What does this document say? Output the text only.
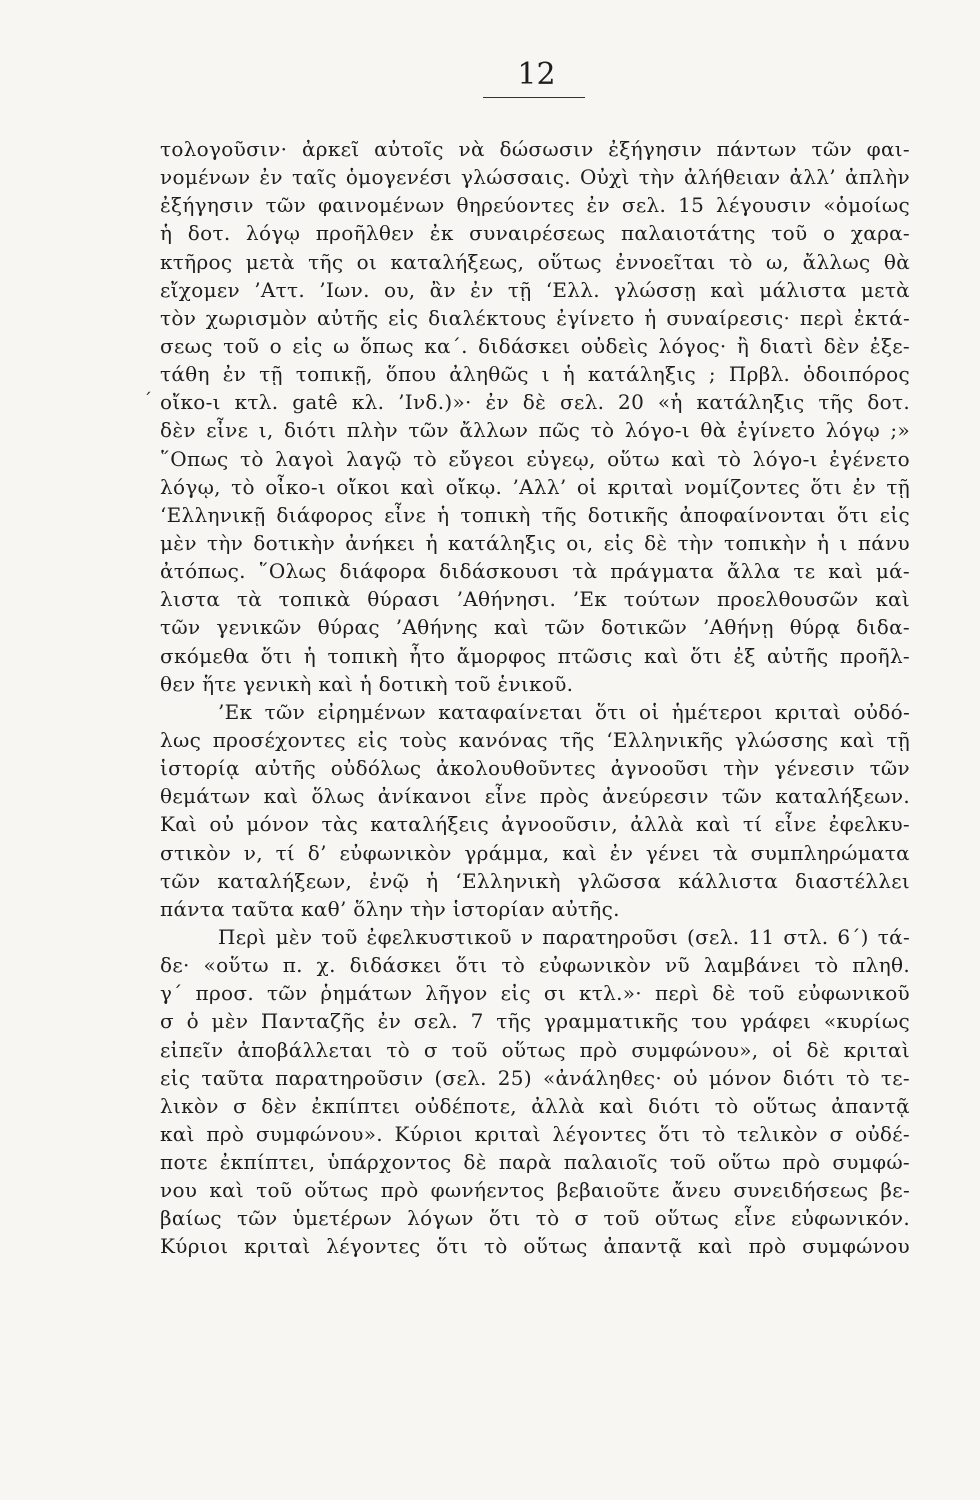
12
´
τολογοῦσιν· ἀρκεῖ αὐτοῖς νὰ δώσωσιν ἐξήγησιν πάντων τῶν φαι-
νομένων ἐν ταῖς ὁμογενέσι γλώσσαις. Οὐχὶ τὴν ἀλήθειαν ἀλλ’ ἀπλὴν
ἐξήγησιν τῶν φαινομένων θηρεύοντες ἐν σελ. 15 λέγουσιν «ὁμοίως
ἡ δοτ. λόγῳ προῆλθεν ἐκ συναιρέσεως παλαιοτάτης τοῦ ο χαρα-
κτῆρος μετὰ τῆς οι καταλήξεως, οὕτως ἐννοεῖται τὸ ω, ἄλλως θὰ
εἴχομεν ’Αττ. ’Ιων. ου, ἂν ἐν τῇ ‘Ελλ. γλώσσῃ καὶ μάλιστα μετὰ
τὸν χωρισμὸν αὐτῆς εἰς διαλέκτους ἐγίνετο ἡ συναίρεσις· περὶ ἐκτά-
σεως τοῦ ο εἰς ω ὅπως κα΄. διδάσκει οὐδεὶς λόγος· ἢ διατὶ δὲν ἐξε-
τάθη ἐν τῇ τοπικῇ, ὅπου ἀληθῶς ι ἡ κατάληξις ; Πρβλ. ὁδοιπόρος
οἴκο-ι κτλ. gatê κλ. ’Ινδ.)»· ἐν δὲ σελ. 20 «ἡ κατάληξις τῆς δοτ.
δὲν εἶνε ι, διότι πλὴν τῶν ἄλλων πῶς τὸ λόγο-ι θὰ ἐγίνετο λόγῳ ;»
῞Οπως τὸ λαγοὶ λαγῷ τὸ εὔγεοι εὐγεῳ, οὕτω καὶ τὸ λόγο-ι ἐγένετο
λόγῳ, τὸ οἶκο-ι οἴκοι καὶ οἴκῳ. ’Αλλ’ οἱ κριταὶ νομίζοντες ὅτι ἐν τῇ
‘Ελληνικῇ διάφορος εἶνε ἡ τοπικὴ τῆς δοτικῆς ἀποφαίνονται ὅτι εἰς
μὲν τὴν δοτικὴν ἀνήκει ἡ κατάληξις οι, εἰς δὲ τὴν τοπικὴν ἡ ι πάνυ
ἀτόπως. ῞Ολως διάφορα διδάσκουσι τὰ πράγματα ἄλλα τε καὶ μά-
λιστα τὰ τοπικὰ θύρασι ’Αθήνησι. ’Εκ τούτων προελθουσῶν καὶ
τῶν γενικῶν θύρας ’Αθήνης καὶ τῶν δοτικῶν ’Αθήνῃ θύρᾳ διδα-
σκόμεθα ὅτι ἡ τοπικὴ ἦτο ἄμορφος πτῶσις καὶ ὅτι ἐξ αὐτῆς προῆλ-
θεν ἥτε γενικὴ καὶ ἡ δοτικὴ τοῦ ἑνικοῦ.
’Εκ τῶν εἰρημένων καταφαίνεται ὅτι οἱ ἡμέτεροι κριταὶ οὐδό-
λως προσέχοντες εἰς τοὺς κανόνας τῆς ‘Ελληνικῆς γλώσσης καὶ τῇ
ἱστορίᾳ αὐτῆς οὐδόλως ἀκολουθοῦντες ἀγνοοῦσι τὴν γένεσιν τῶν
θεμάτων καὶ ὅλως ἀνίκανοι εἶνε πρὸς ἀνεύρεσιν τῶν καταλήξεων.
Καὶ οὐ μόνον τὰς καταλήξεις ἀγνοοῦσιν, ἀλλὰ καὶ τί εἶνε ἐφελκυ-
στικὸν ν, τί δ’ εὐφωνικὸν γράμμα, καὶ ἐν γένει τὰ συμπληρώματα
τῶν καταλήξεων, ἐνῷ ἡ ‘Ελληνικὴ γλῶσσα κάλλιστα διαστέλλει
πάντα ταῦτα καθ’ ὅλην τὴν ἱστορίαν αὐτῆς.
Περὶ μὲν τοῦ ἐφελκυστικοῦ ν παρατηροῦσι (σελ. 11 στλ. 6΄) τά-
δε· «οὕτω π. χ. διδάσκει ὅτι τὸ εὐφωνικὸν νῦ λαμβάνει τὸ πληθ.
γ΄ προσ. τῶν ῥημάτων λῆγον εἰς σι κτλ.»· περὶ δὲ τοῦ εὐφωνικοῦ
σ ὁ μὲν Πανταζῆς ἐν σελ. 7 τῆς γραμματικῆς του γράφει «κυρίως
εἰπεῖν ἀποβάλλεται τὸ σ τοῦ οὕτως πρὸ συμφώνου», οἱ δὲ κριταὶ
εἰς ταῦτα παρατηροῦσιν (σελ. 25) «ἀνάληθες· οὐ μόνον διότι τὸ τε-
λικὸν σ δὲν ἐκπίπτει οὐδέποτε, ἀλλὰ καὶ διότι τὸ οὕτως ἀπαντᾷ
καὶ πρὸ συμφώνου». Κύριοι κριταὶ λέγοντες ὅτι τὸ τελικὸν σ οὐδέ-
ποτε ἐκπίπτει, ὑπάρχοντος δὲ παρὰ παλαιοῖς τοῦ οὕτω πρὸ συμφώ-
νου καὶ τοῦ οὕτως πρὸ φωνήεντος βεβαιοῦτε ἄνευ συνειδήσεως βε-
βαίως τῶν ὑμετέρων λόγων ὅτι τὸ σ τοῦ οὕτως εἶνε εὐφωνικόν.
Κύριοι κριταὶ λέγοντες ὅτι τὸ οὕτως ἀπαντᾷ καὶ πρὸ συμφώνου
